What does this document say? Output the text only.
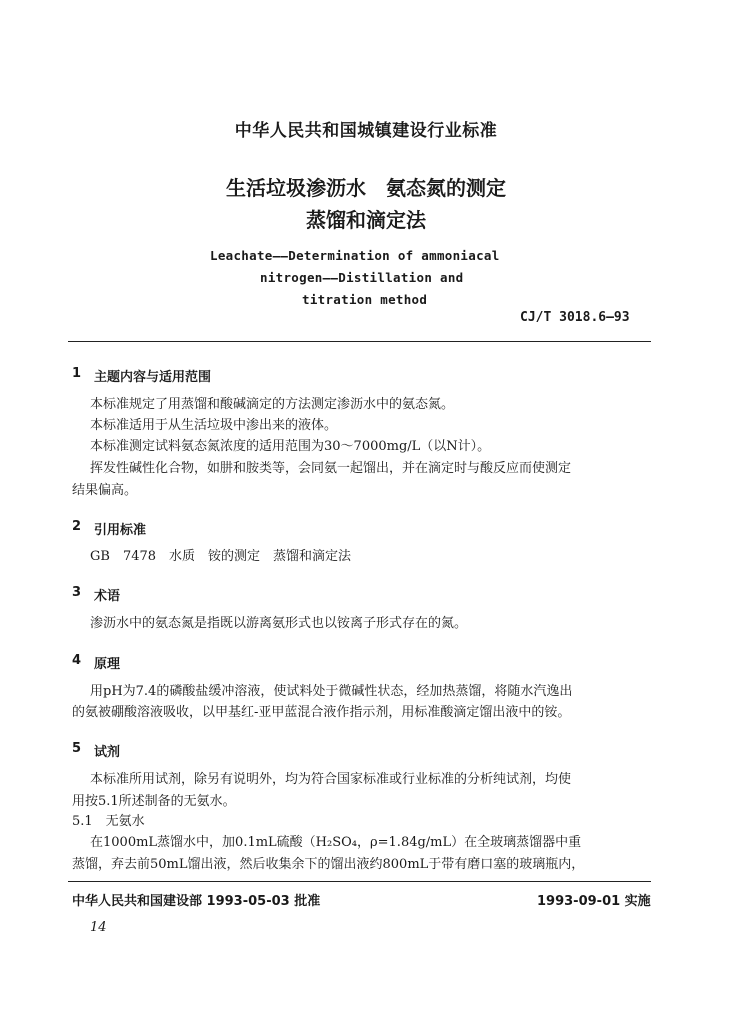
中华人民共和国城镇建设行业标准
生活垃圾渗沥水　氨态氮的测定
蒸馏和滴定法
Leachate——Determination of ammoniacal
nitrogen——Distillation and
titration method
CJ/T 3018.6—93
1 主题内容与适用范围
本标准规定了用蒸馏和酸碱滴定的方法测定渗沥水中的氨态氮。
本标准适用于从生活垃圾中渗出来的液体。
本标准测定试料氨态氮浓度的适用范围为30～7000mg/L（以N计）。
挥发性碱性化合物，如肼和胺类等，会同氨一起馏出，并在滴定时与酸反应而使测定
结果偏高。
2 引用标准
GB　7478　水质　铵的测定　蒸馏和滴定法
3 术语
渗沥水中的氨态氮是指既以游离氨形式也以铵离子形式存在的氮。
4 原理
用pH为7.4的磷酸盐缓冲溶液，使试料处于微碱性状态，经加热蒸馏，将随水汽逸出
的氨被硼酸溶液吸收，以甲基红-亚甲蓝混合液作指示剂，用标准酸滴定馏出液中的铵。
5 试剂
本标准所用试剂，除另有说明外，均为符合国家标准或行业标准的分析纯试剂，均使
用按5.1所述制备的无氨水。
5.1　无氨水
在1000mL蒸馏水中，加0.1mL硫酸（H₂SO₄，ρ=1.84g/mL）在全玻璃蒸馏器中重
蒸馏，弃去前50mL馏出液，然后收集余下的馏出液约800mL于带有磨口塞的玻璃瓶内，
中华人民共和国建设部 1993-05-03 批准	1993-09-01 实施
14
